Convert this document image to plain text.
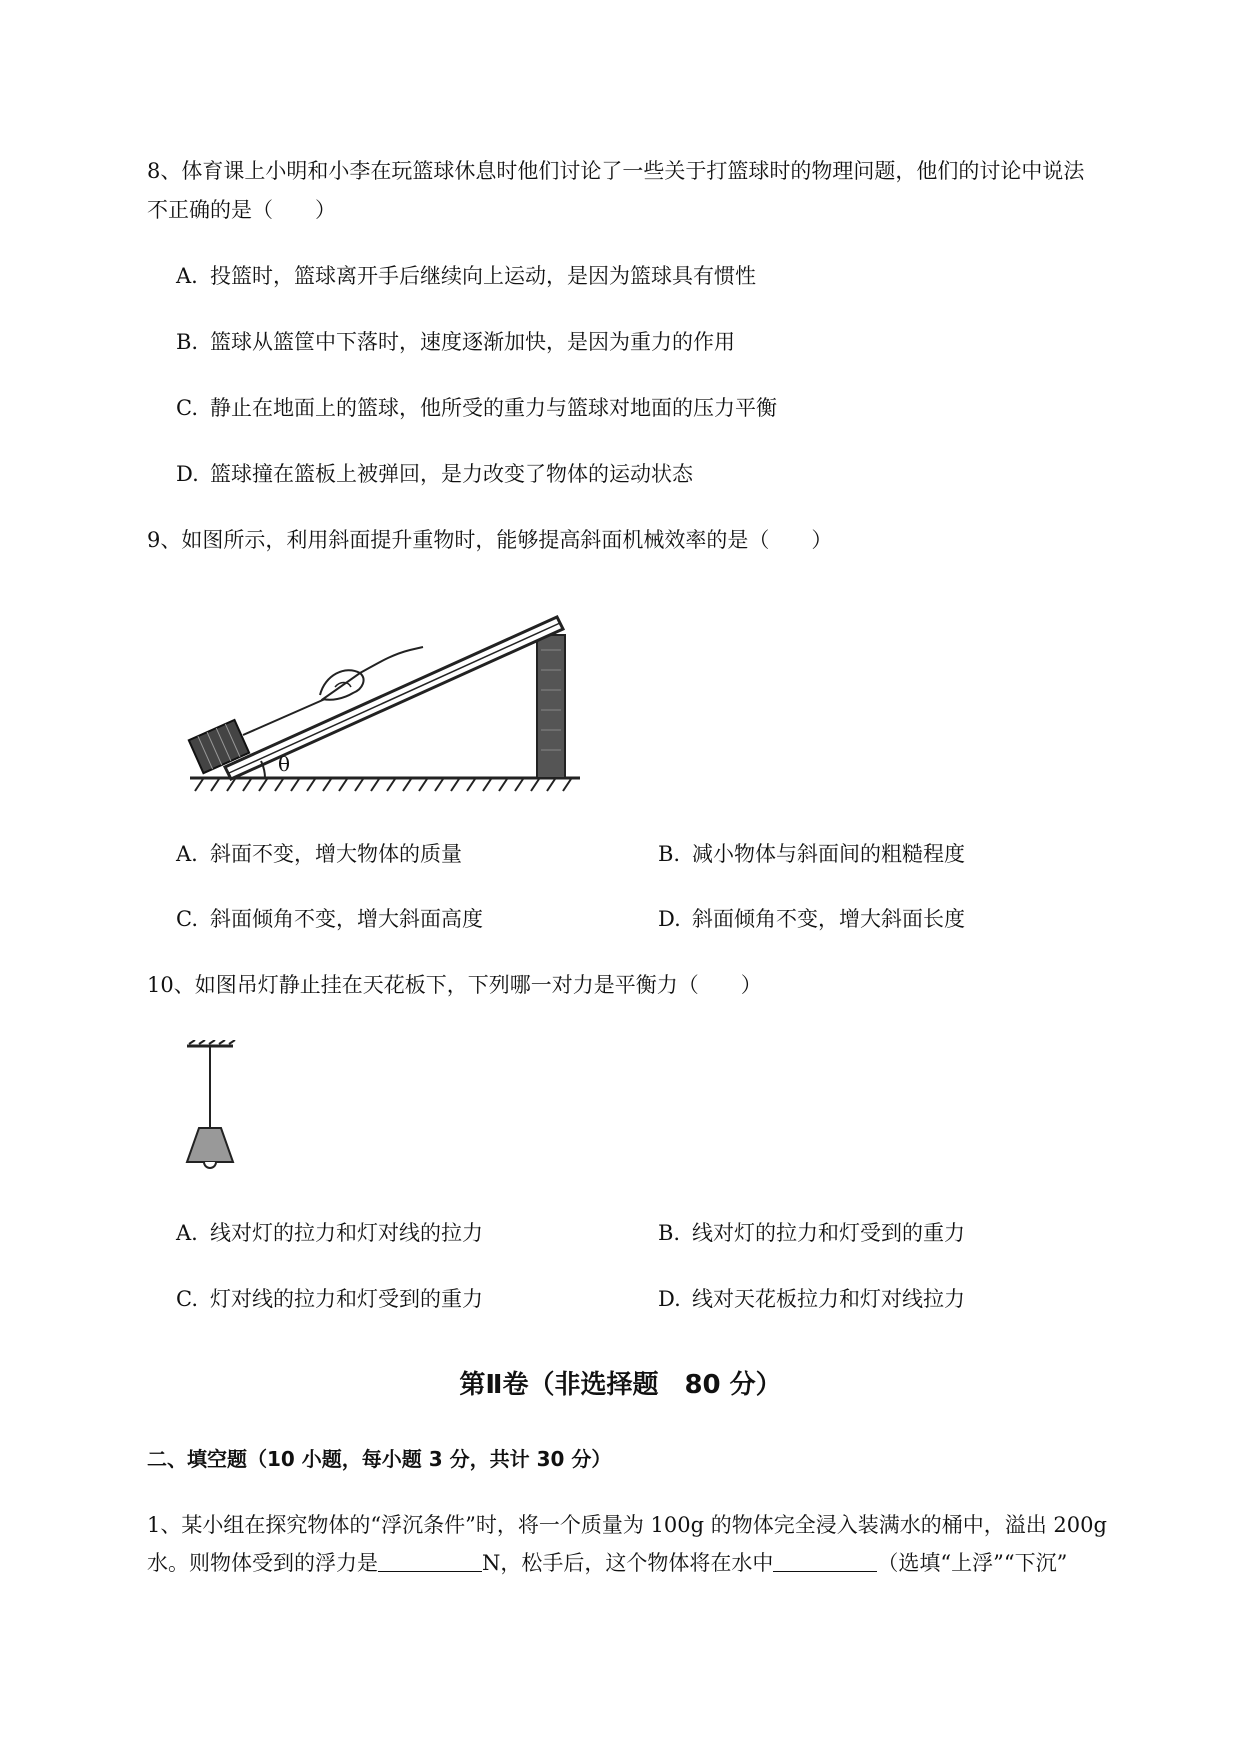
8、体育课上小明和小李在玩篮球休息时他们讨论了一些关于打篮球时的物理问题，他们的讨论中说法
不正确的是（　　）
A. 投篮时，篮球离开手后继续向上运动，是因为篮球具有惯性
B. 篮球从篮筐中下落时，速度逐渐加快，是因为重力的作用
C. 静止在地面上的篮球，他所受的重力与篮球对地面的压力平衡
D. 篮球撞在篮板上被弹回，是力改变了物体的运动状态
9、如图所示，利用斜面提升重物时，能够提高斜面机械效率的是（　　）
θ
A. 斜面不变，增大物体的质量	B. 减小物体与斜面间的粗糙程度
C. 斜面倾角不变，增大斜面高度	D. 斜面倾角不变，增大斜面长度
10、如图吊灯静止挂在天花板下，下列哪一对力是平衡力（　　）
A. 线对灯的拉力和灯对线的拉力	B. 线对灯的拉力和灯受到的重力
C. 灯对线的拉力和灯受到的重力	D. 线对天花板拉力和灯对线拉力
第Ⅱ卷（非选择题　80 分）
二、填空题（10 小题，每小题 3 分，共计 30 分）
1、某小组在探究物体的“浮沉条件”时，将一个质量为 100g 的物体完全浸入装满水的桶中，溢出 200g
水。则物体受到的浮力是	N，松手后，这个物体将在水中	（选填“上浮”“下沉”
